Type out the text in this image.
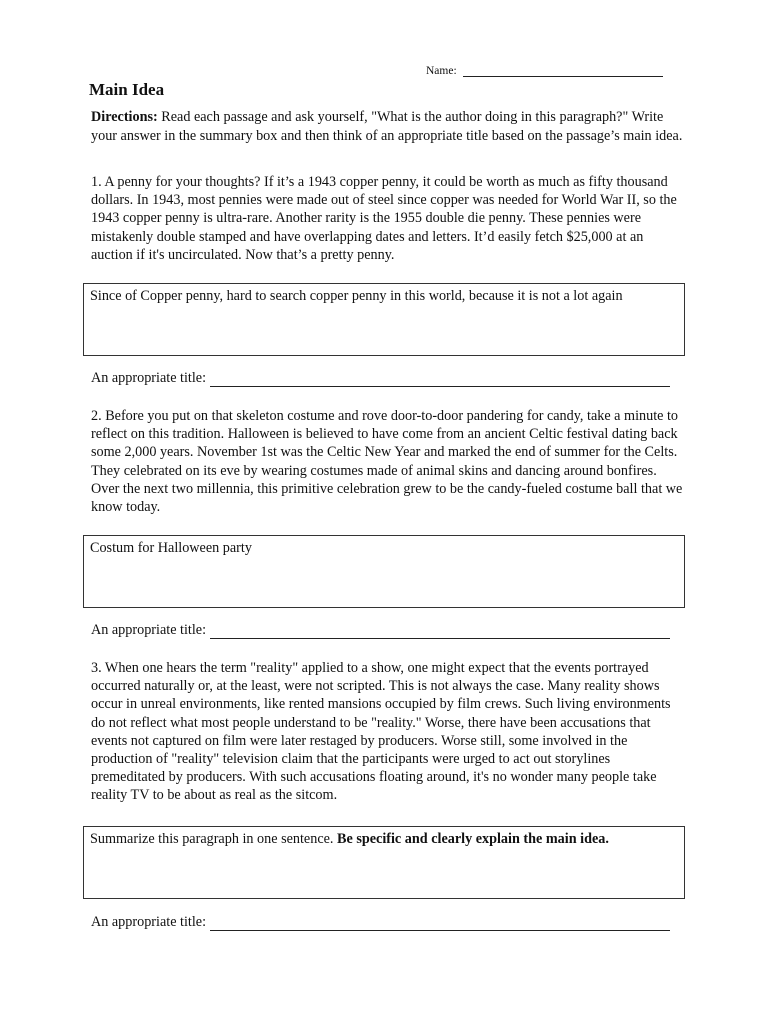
Name:
Main Idea

Directions: Read each passage and ask yourself, "What is the author doing in this paragraph?" Write your answer in the summary box and then think of an appropriate title based on the passage’s main idea.

1. A penny for your thoughts? If it’s a 1943 copper penny, it could be worth as much as fifty thousand dollars. In 1943, most pennies were made out of steel since copper was needed for World War II, so the 1943 copper penny is ultra-rare. Another rarity is the 1955 double die penny. These pennies were mistakenly double stamped and have overlapping dates and letters. It’d easily fetch $25,000 at an auction if it's uncirculated. Now that’s a pretty penny.

Since of Copper penny, hard to search copper penny in this world, because it is not a lot again
An appropriate title:

2. Before you put on that skeleton costume and rove door-to-door pandering for candy, take a minute to reflect on this tradition. Halloween is believed to have come from an ancient Celtic festival dating back some 2,000 years. November 1st was the Celtic New Year and marked the end of summer for the Celts. They celebrated on its eve by wearing costumes made of animal skins and dancing around bonfires. Over the next two millennia, this primitive celebration grew to be the candy-fueled costume ball that we know today.

Costum for Halloween party
An appropriate title:

3. When one hears the term "reality" applied to a show, one might expect that the events portrayed occurred naturally or, at the least, were not scripted. This is not always the case. Many reality shows occur in unreal environments, like rented mansions occupied by film crews. Such living environments do not reflect what most people understand to be "reality." Worse, there have been accusations that events not captured on film were later restaged by producers. Worse still, some involved in the production of "reality" television claim that the participants were urged to act out storylines premeditated by producers. With such accusations floating around, it's no wonder many people take reality TV to be about as real as the sitcom.

Summarize this paragraph in one sentence. Be specific and clearly explain the main idea.
An appropriate title:
